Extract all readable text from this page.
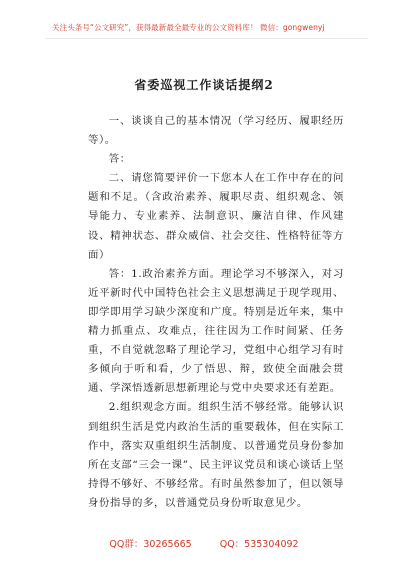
关注头条号“公文研究”，获得最新最全最专业的公文资料库！ 微信：gongwenyj
省委巡视工作谈话提纲2

一、谈谈自己的基本情况（学习经历、履职经历等）。

答：

二、请您简要评价一下您本人在工作中存在的问题和不足。（含政治素养、履职尽责、组织观念、领导能力、专业素养、法制意识、廉洁自律、作风建设、精神状态、群众威信、社会交往、性格特征等方面）

答：1.政治素养方面。理论学习不够深入，对习近平新时代中国特色社会主义思想满足于现学现用、即学即用学习缺少深度和广度。特别是近年来，集中精力抓重点、攻难点，往往因为工作时间紧、任务重，不自觉就忽略了理论学习，党组中心组学习有时多倾向于听和看，少了悟思、辩，致使全面融会贯通、学深悟透新思想新理论与党中央要求还有差距。

2.组织观念方面。组织生活不够经常。能够认识到组织生活是党内政治生活的重要载体，但在实际工作中，落实双重组织生活制度、以普通党员身份参加所在支部“三会一课”、民主评议党员和谈心谈话上坚持得不够好、不够经常。有时虽然参加了，但以领导身份指导的多，以普通党员身份听取意见少。

QQ群：30265665	QQ：535304092
